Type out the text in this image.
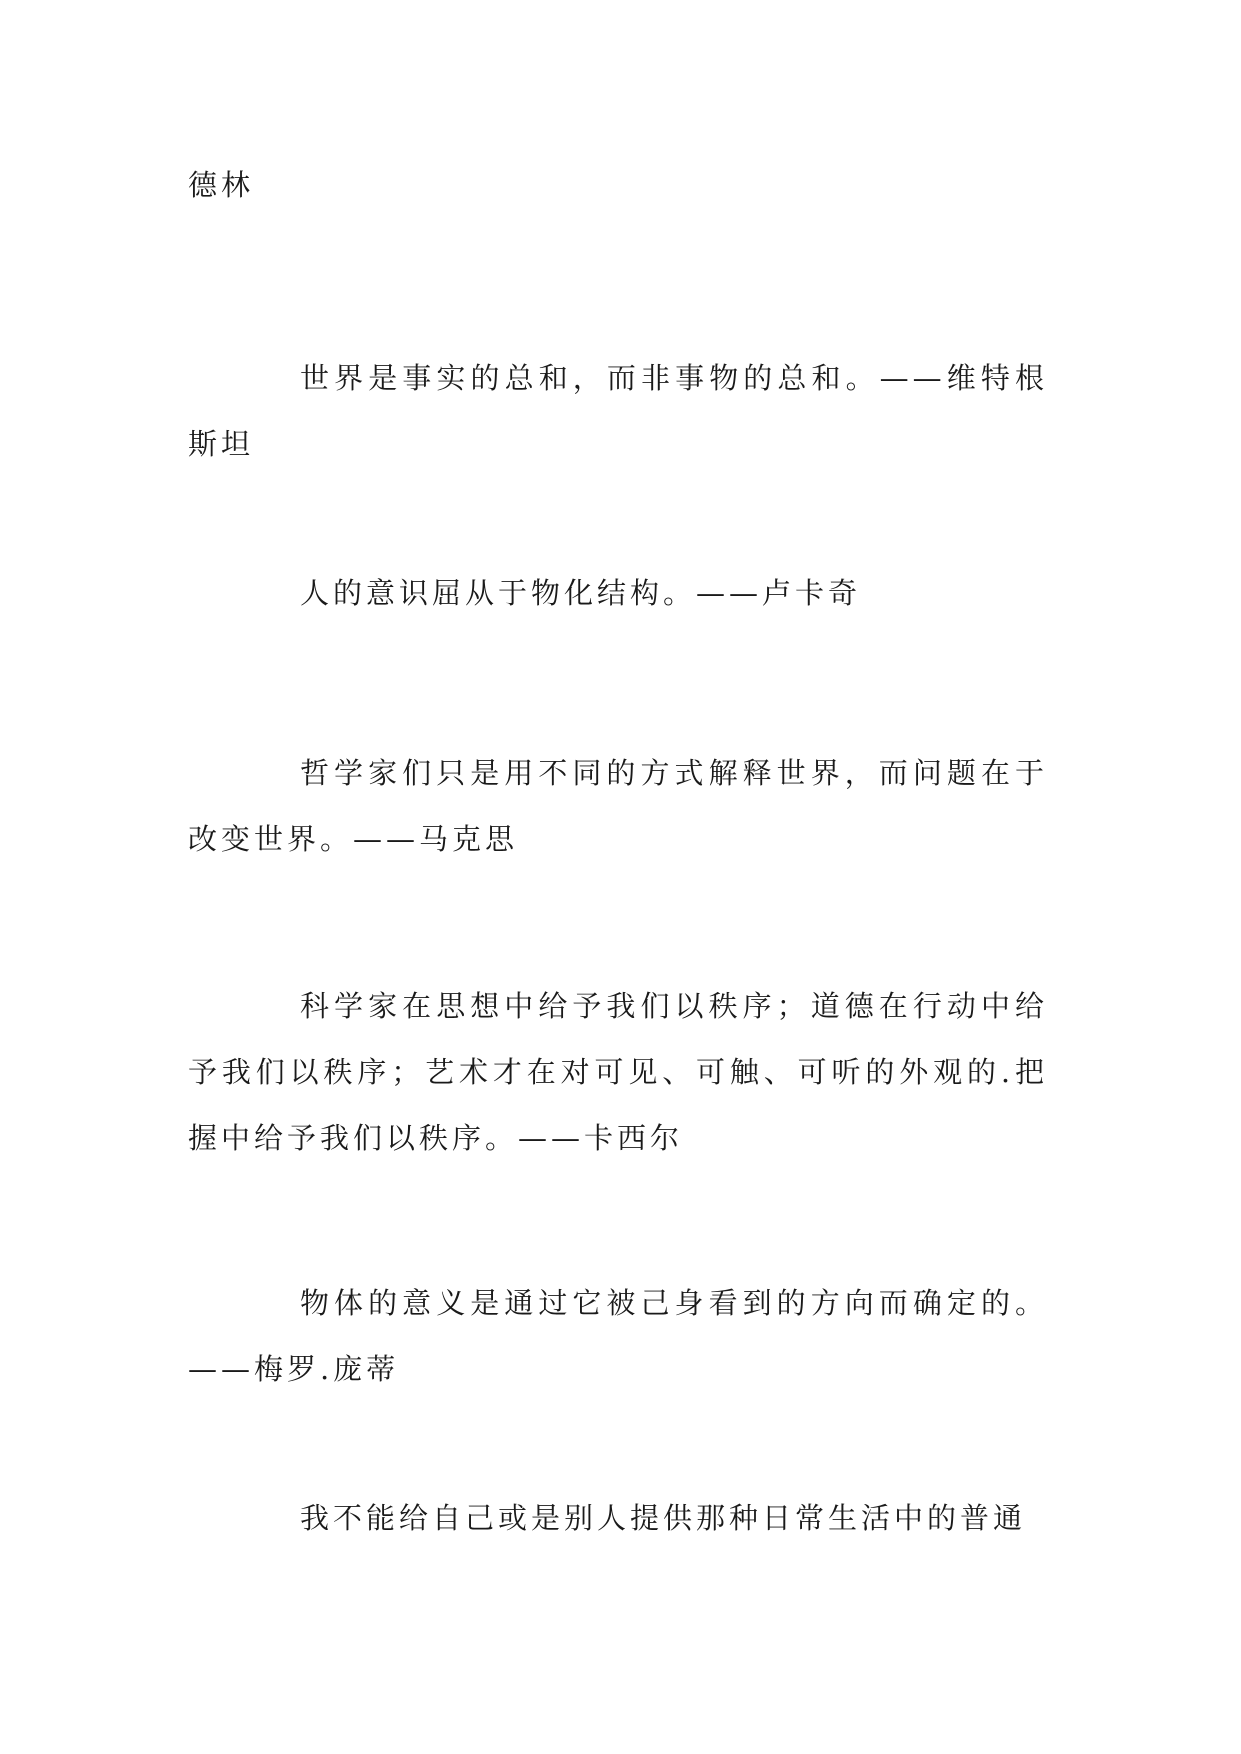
德林

世界是事实的总和，而非事物的总和。——维特根斯坦

人的意识屈从于物化结构。——卢卡奇

哲学家们只是用不同的方式解释世界，而问题在于改变世界。——马克思

科学家在思想中给予我们以秩序；道德在行动中给予我们以秩序；艺术才在对可见、可触、可听的外观的.把握中给予我们以秩序。——卡西尔

物体的意义是通过它被己身看到的方向而确定的。——梅罗.庞蒂

我不能给自己或是别人提供那种日常生活中的普通
